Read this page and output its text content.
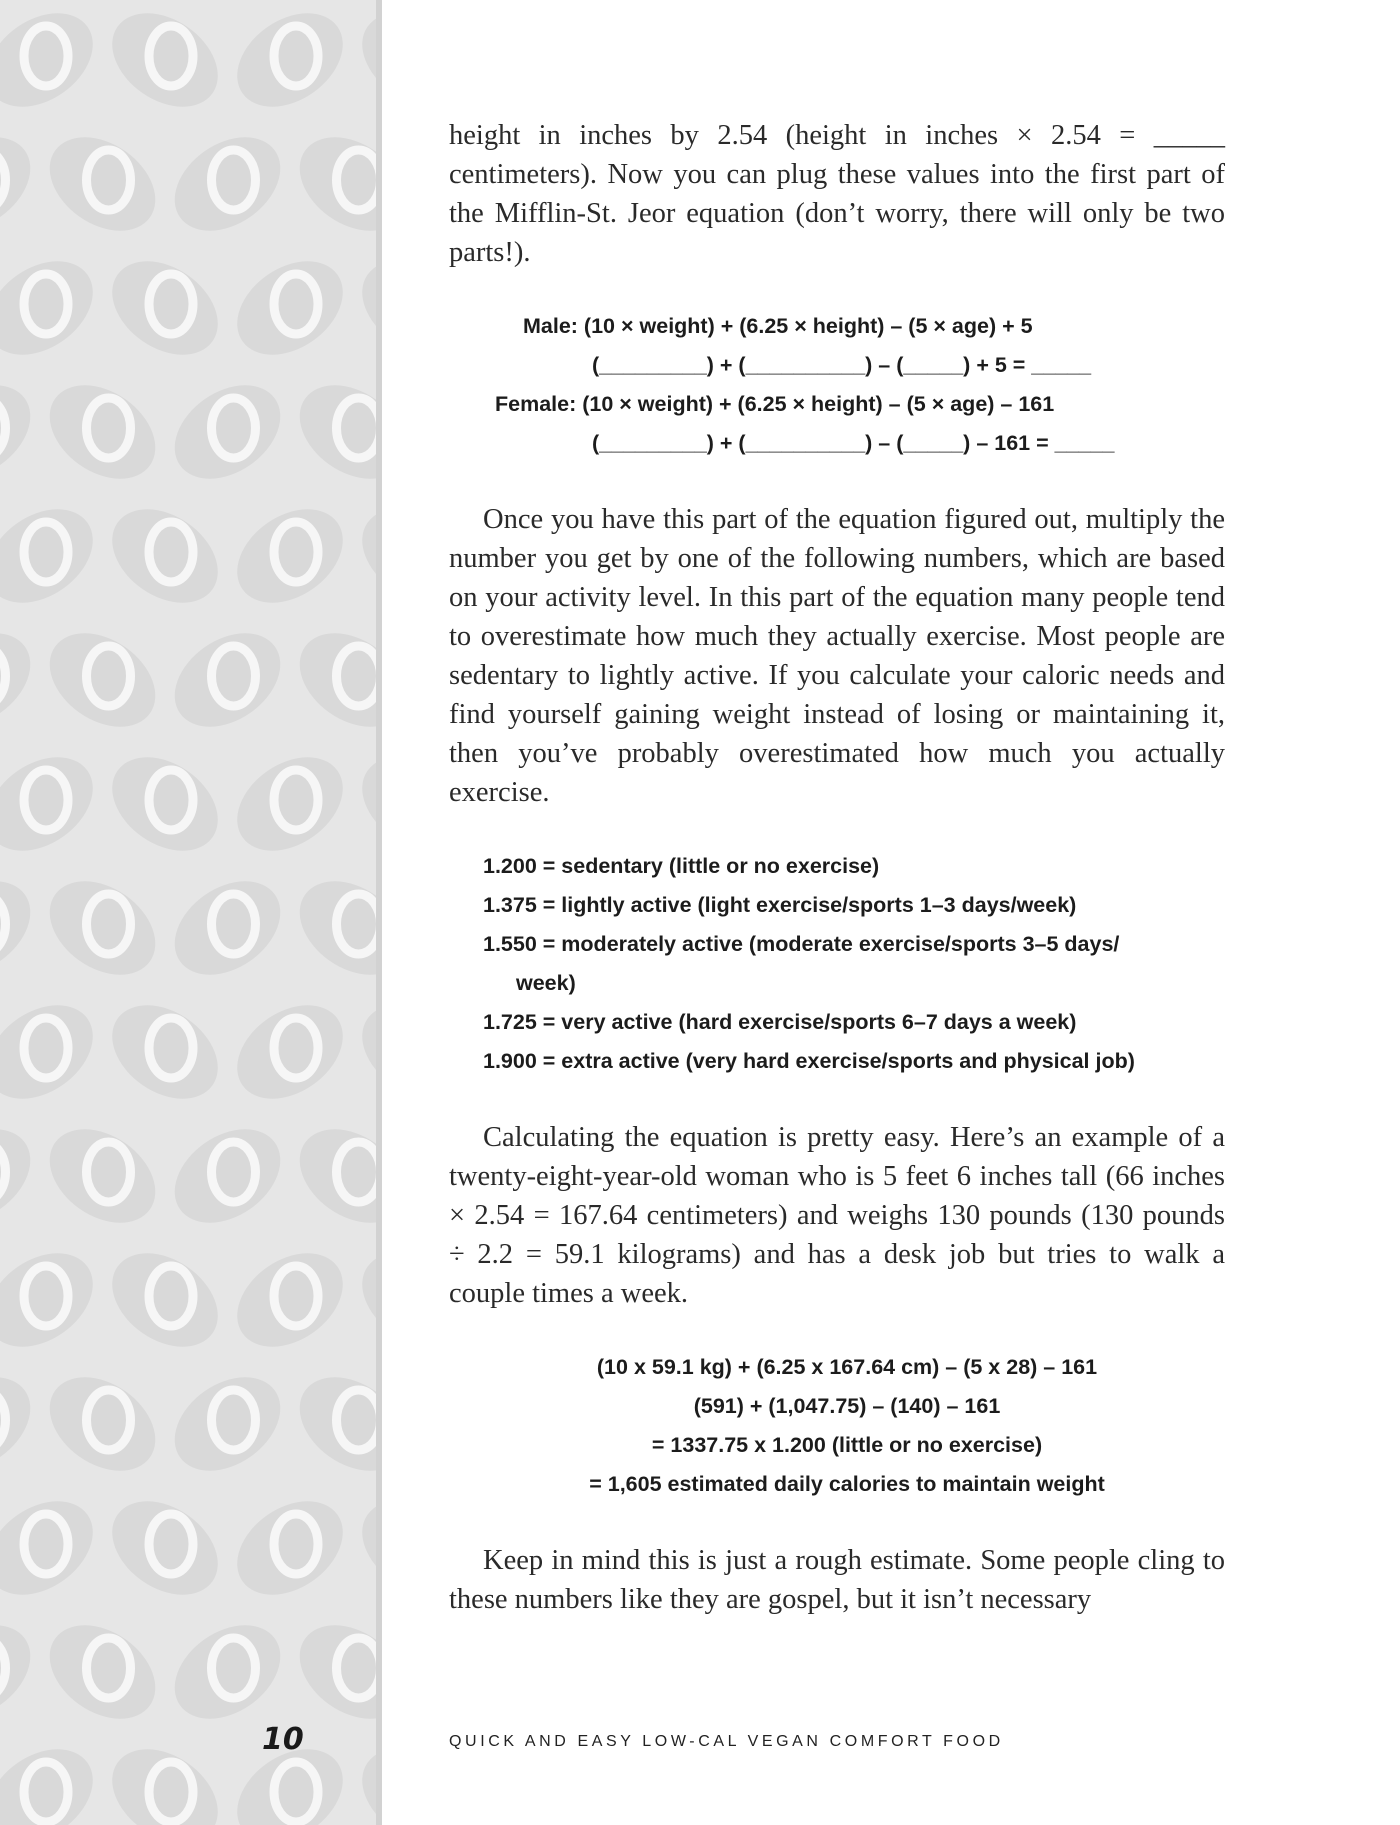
height in inches by 2.54 (height in inches × 2.54 = _____ centimeters). Now you can plug these values into the first part of the Mifflin-St. Jeor equation (don’t worry, there will only be two parts!).

Male: (10 × weight) + (6.25 × height) – (5 × age) + 5
(_________) + (__________) – (_____) + 5 = _____
Female: (10 × weight) + (6.25 × height) – (5 × age) – 161
(_________) + (__________) – (_____) – 161 = _____

Once you have this part of the equation figured out, multiply the number you get by one of the following numbers, which are based on your activity level. In this part of the equation many people tend to overestimate how much they actually exercise. Most people are sedentary to lightly active. If you calculate your caloric needs and find yourself gaining weight instead of losing or maintaining it, then you’ve probably overestimated how much you actually exercise.

1.200 = sedentary (little or no exercise)
1.375 = lightly active (light exercise/sports 1–3 days/week)
1.550 = moderately active (moderate exercise/sports 3–5 days/
week)
1.725 = very active (hard exercise/sports 6–7 days a week)
1.900 = extra active (very hard exercise/sports and physical job)

Calculating the equation is pretty easy. Here’s an example of a twenty-eight-year-old woman who is 5 feet 6 inches tall (66 inches × 2.54 = 167.64 centimeters) and weighs 130 pounds (130 pounds ÷ 2.2 = 59.1 kilograms) and has a desk job but tries to walk a couple times a week.

(10 x 59.1 kg) + (6.25 x 167.64 cm) – (5 x 28) – 161
(591) + (1,047.75) – (140) – 161
= 1337.75 x 1.200 (little or no exercise)
= 1,605 estimated daily calories to maintain weight

Keep in mind this is just a rough estimate. Some people cling to these numbers like they are gospel, but it isn’t necessary

10	QUICK AND EASY LOW-CAL VEGAN COMFORT FOOD
